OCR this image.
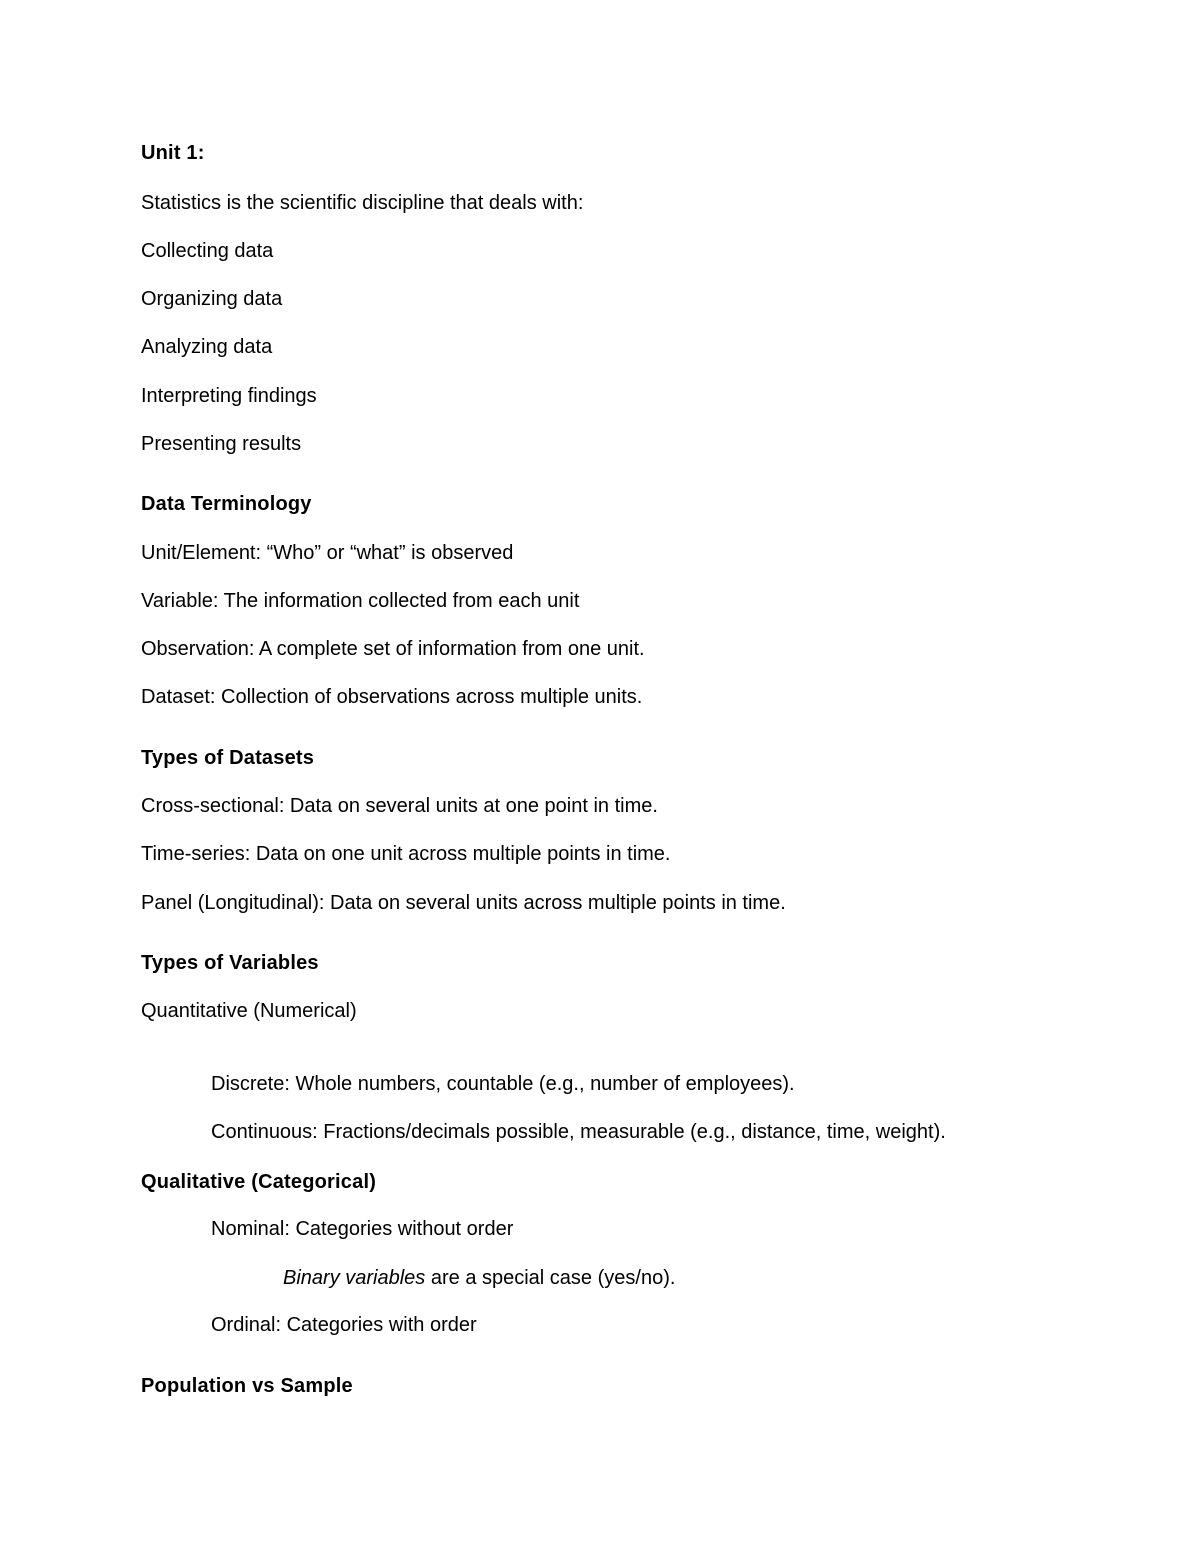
Unit 1:
Statistics is the scientific discipline that deals with:
Collecting data
Organizing data
Analyzing data
Interpreting findings
Presenting results
Data Terminology
Unit/Element: “Who” or “what” is observed
Variable: The information collected from each unit
Observation: A complete set of information from one unit.
Dataset: Collection of observations across multiple units.
Types of Datasets
Cross-sectional: Data on several units at one point in time.
Time-series: Data on one unit across multiple points in time.
Panel (Longitudinal): Data on several units across multiple points in time.
Types of Variables
Quantitative (Numerical)
Discrete: Whole numbers, countable (e.g., number of employees).
Continuous: Fractions/decimals possible, measurable (e.g., distance, time, weight).
Qualitative (Categorical)
Nominal: Categories without order
Binary variables are a special case (yes/no).
Ordinal: Categories with order
Population vs Sample
